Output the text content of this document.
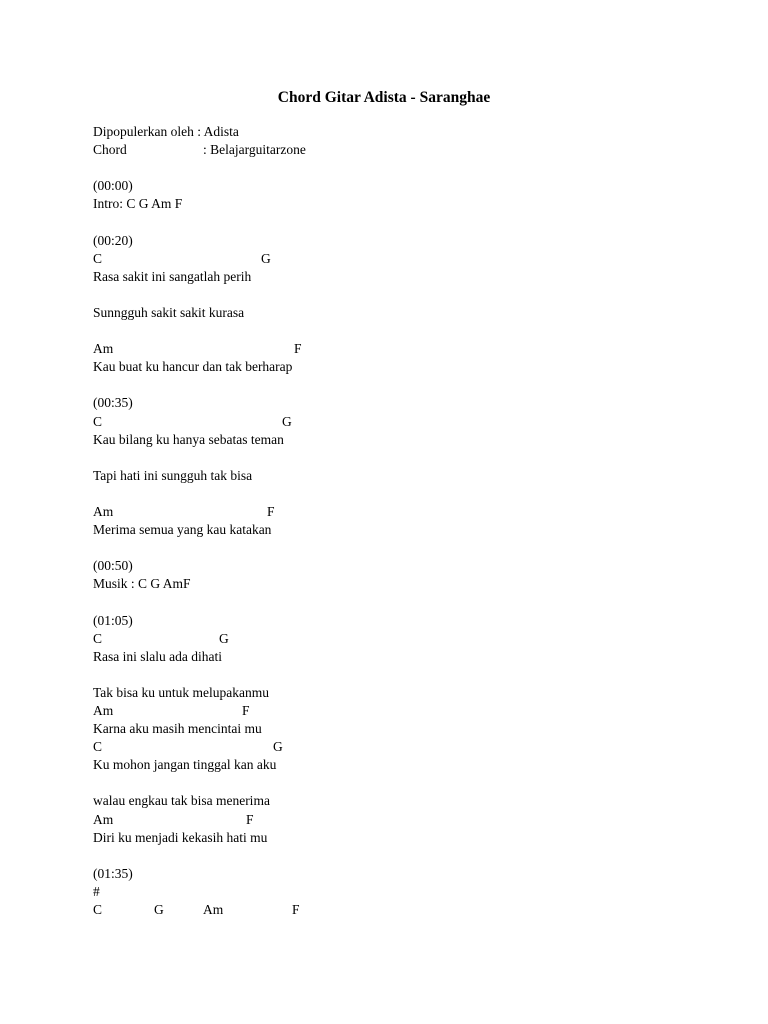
Chord Gitar Adista - Saranghae
Dipopulerkan oleh : Adista
Chord	: Belajarguitarzone
(00:00)
Intro: C G Am F
(00:20)
C	G
Rasa sakit ini sangatlah perih
Sunngguh sakit sakit kurasa
Am	F
Kau buat ku hancur dan tak berharap
(00:35)
C	G
Kau bilang ku hanya sebatas teman
Tapi hati ini sungguh tak bisa
Am	F
Merima semua yang kau katakan
(00:50)
Musik : C G AmF
(01:05)
C	G
Rasa ini slalu ada dihati
Tak bisa ku untuk melupakanmu
Am	F
Karna aku masih mencintai mu
C	G
Ku mohon jangan tinggal kan aku
walau engkau tak bisa menerima
Am	F
Diri ku menjadi kekasih hati mu
(01:35)
#
C	G	Am	F
